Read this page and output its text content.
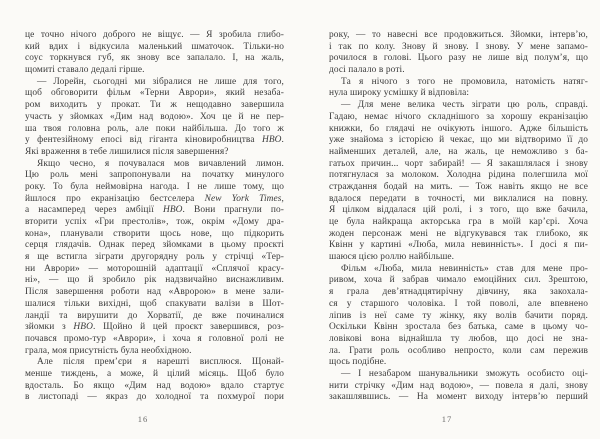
це точно нічого доброго не віщує. — Я зробила глибо-
кий вдих і відкусила маленький шматочок. Тільки-но
соус торкнувся губ, як знову все запалало. І, на жаль,
щомиті ставало дедалі гірше.
— Лорейн, сьогодні ми зібралися не лише для того,
щоб обговорити фільм «Терни Аврори», який незаба-
ром виходить у прокат. Ти ж нещодавно завершила
участь у зйомках «Дим над водою». Хоч це й не пер-
ша твоя головна роль, але поки найбільша. До того ж
у фентезійному епосі від гіганта кіновиробництва HBO.
Які враження в тебе лишилися після завершення?
Якщо чесно, я почувалася мов вичавлений лимон.
Цю роль мені запропонували на початку минулого
року. То була неймовірна нагода. І не лише тому, що
йшлося про екранізацію бестселера New York Times,
а насамперед через амбіції HBO. Вони прагнули по-
вторити успіх «Гри престолів», тож, окрім «Дому дра-
кона», планували створити щось нове, що підкорить
серця глядачів. Однак перед зйомками в цьому проєкті
я ще встигла зіграти другорядну роль у стрічці «Тер-
ни Аврори» — моторошній адаптації «Сплячої красу-
ні», — що й зробило рік надзвичайно виснажливим.
Після завершення роботи над «Авророю» в мене зали-
шалися тільки вихідні, щоб спакувати валізи в Шот-
ландії та вирушити до Хорватії, де вже починалися
зйомки з HBO. Щойно й цей проєкт завершився, роз-
почався промо-тур «Аврори», і хоча я головної ролі не
грала, моя присутність була необхідною.
Але після прем’єри я нарешті висплюся. Щонай-
менше тиждень, а може, й цілий місяць. Щоб було
вдосталь. Бо якщо «Дим над водою» вдало стартує
в листопаді — якраз до холодної та похмурої пори
року, — то навесні все продовжиться. Зйомки, інтерв’ю,
і так по колу. Знову й знову. І знову. У мене запамо-
рочилося в голові. Цього разу не лише від полум’я, що
досі палало в роті.
Та я нічого з того не промовила, натомість натяг-
нула широку усмішку й відповіла:
— Для мене велика честь зіграти цю роль, справді.
Гадаю, немає нічого складнішого за хорошу екранізацію
книжки, бо глядачі не очікують іншого. Адже більшість
уже знайома з історією й чекає, що ми відтворимо її до
найменших деталей, але, на жаль, це неможливо з ба-
гатьох причин... чорт забирай! — Я закашлялася і знову
потягнулася за молоком. Холодна рідина полегшила мої
страждання бодай на мить. — Тож навіть якщо не все
вдалося передати в точності, ми виклалися на повну.
Я цілком віддалася цій ролі, і з того, що вже бачила,
це була найкраща акторська гра в моїй кар’єрі. Хоча
жоден персонаж мені не відгукувався так глибоко, як
Квінн у картині «Люба, мила невинність». І досі я пи-
шаюся цією роллю найбільше.
Фільм «Люба, мила невинність» став для мене про-
ривом, хоча й забрав чимало емоційних сил. Зрештою,
я грала дев’ятнадцятирічну дівчину, яка закохала-
ся у старшого чоловіка. І той поволі, але впевнено
ліпив із неї саме ту жінку, яку волів бачити поряд.
Оскільки Квінн зростала без батька, саме в цьому чо-
ловікові вона віднайшла ту любов, що досі не зна-
ла. Грати роль особливо непросто, коли сам пережив
щось подібне.
— І незабаром шанувальники зможуть особисто оці-
нити стрічку «Дим над водою», — повела я далі, знову
закашлявшись. — На момент виходу інтерв’ю перший
16	17
